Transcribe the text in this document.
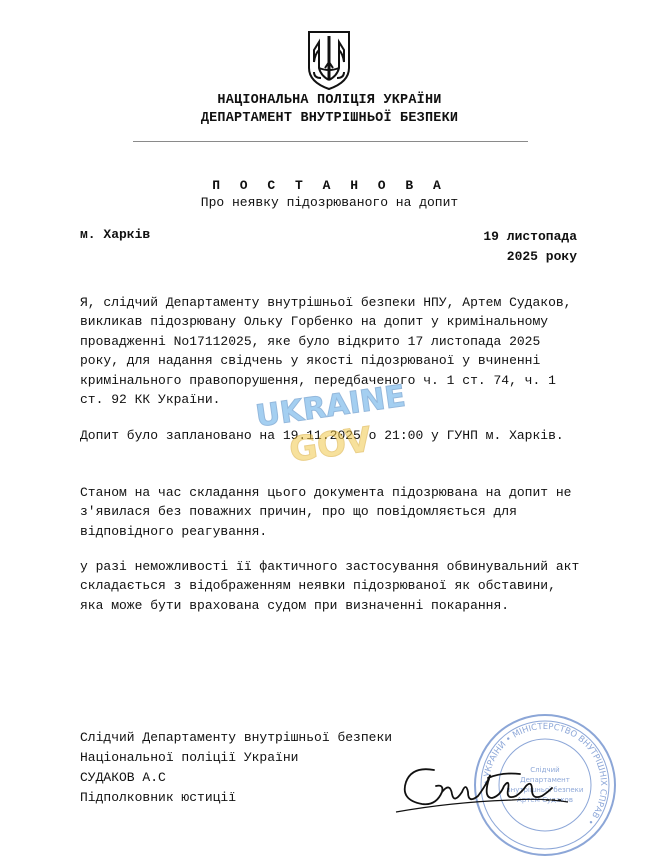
НАЦІОНАЛЬНА ПОЛІЦІЯ УКРАЇНИ
ДЕПАРТАМЕНТ ВНУТРІШНЬОЇ БЕЗПЕКИ
П О С Т А Н О В А
Про неявку підозрюваного на допит
м. Харків	19 листопада
2025 року
Я, слідчий Департаменту внутрішньої безпеки НПУ, Артем Судаков, викликав підозрювану Ольку Горбенко на допит у кримінальному провадженні No17112025, яке було відкрито 17 листопада 2025 року, для надання свідчень у якості підозрюваної у вчиненні кримінального правопорушення, передбаченого ч. 1 ст. 74, ч. 1 ст. 92 КК України.
Допит було заплановано на 19.11.2025 о 21:00 у ГУНП м. Харків.
Станом на час складання цього документа підозрювана на допит не з'явилася без поважних причин, про що повідомляється для відповідного реагування.
у разі неможливості її фактичного застосування обвинувальний акт складається з відображенням неявки підозрюваної як обставини, яка може бути врахована судом при визначенні покарання.
UKRAINE
GOV
Слідчий Департаменту внутрішньої безпеки
Національної поліції України
СУДАКОВ А.С
Підполковник юстиції
• УКРАЇНИ • МІНІСТЕРСТВО ВНУТРІШНІХ СПРАВ •
Слідчий
Департамент
внутрішньої безпеки
Артем Судаков
